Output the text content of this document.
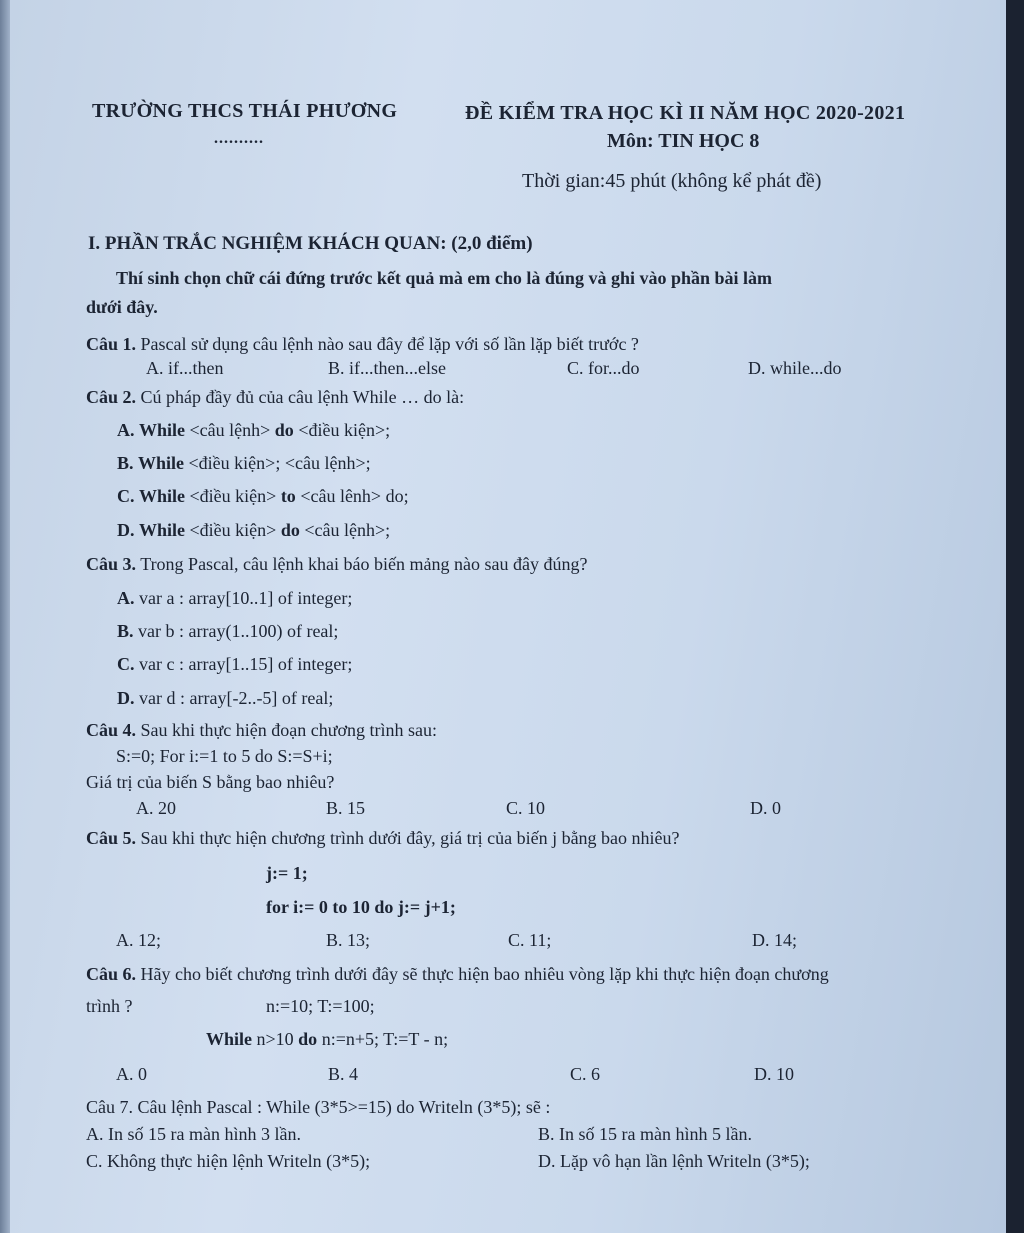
TRƯỜNG THCS THÁI PHƯƠNG
..........
ĐỀ KIỂM TRA HỌC KÌ II NĂM HỌC 2020-2021
Môn: TIN HỌC 8
Thời gian:45 phút (không kể phát đề)
I. PHẦN TRẮC NGHIỆM KHÁCH QUAN: (2,0 điểm)
Thí sinh chọn chữ cái đứng trước kết quả mà em cho là đúng và ghi vào phần bài làm
dưới đây.
Câu 1. Pascal sử dụng câu lệnh nào sau đây để lặp với số lần lặp biết trước ?
A. if...then	B. if...then...else	C. for...do	D. while...do
Câu 2. Cú pháp đầy đủ của câu lệnh While … do là:
A. While <câu lệnh> do <điều kiện>;
B. While <điều kiện>; <câu lệnh>;
C. While <điều kiện> to <câu lênh> do;
D. While <điều kiện> do <câu lệnh>;
Câu 3. Trong Pascal, câu lệnh khai báo biến mảng nào sau đây đúng?
A. var a : array[10..1] of integer;
B. var b : array(1..100) of real;
C. var c : array[1..15] of integer;
D. var d : array[-2..-5] of real;
Câu 4. Sau khi thực hiện đoạn chương trình sau:
S:=0; For i:=1 to 5 do S:=S+i;
Giá trị của biến S bằng bao nhiêu?
A. 20	B. 15	C. 10	D. 0
Câu 5. Sau khi thực hiện chương trình dưới đây, giá trị của biến j bằng bao nhiêu?
j:= 1;
for i:= 0 to 10 do j:= j+1;
A. 12;	B. 13;	C. 11;	D. 14;
Câu 6. Hãy cho biết chương trình dưới đây sẽ thực hiện bao nhiêu vòng lặp khi thực hiện đoạn chương
trình ?	n:=10; T:=100;
While n>10 do n:=n+5; T:=T - n;
A. 0	B. 4	C. 6	D. 10
Câu 7. Câu lệnh Pascal : While (3*5>=15) do Writeln (3*5); sẽ :
A. In số 15 ra màn hình 3 lần.	B. In số 15 ra màn hình 5 lần.
C. Không thực hiện lệnh Writeln (3*5);	D. Lặp vô hạn lần lệnh Writeln (3*5);
